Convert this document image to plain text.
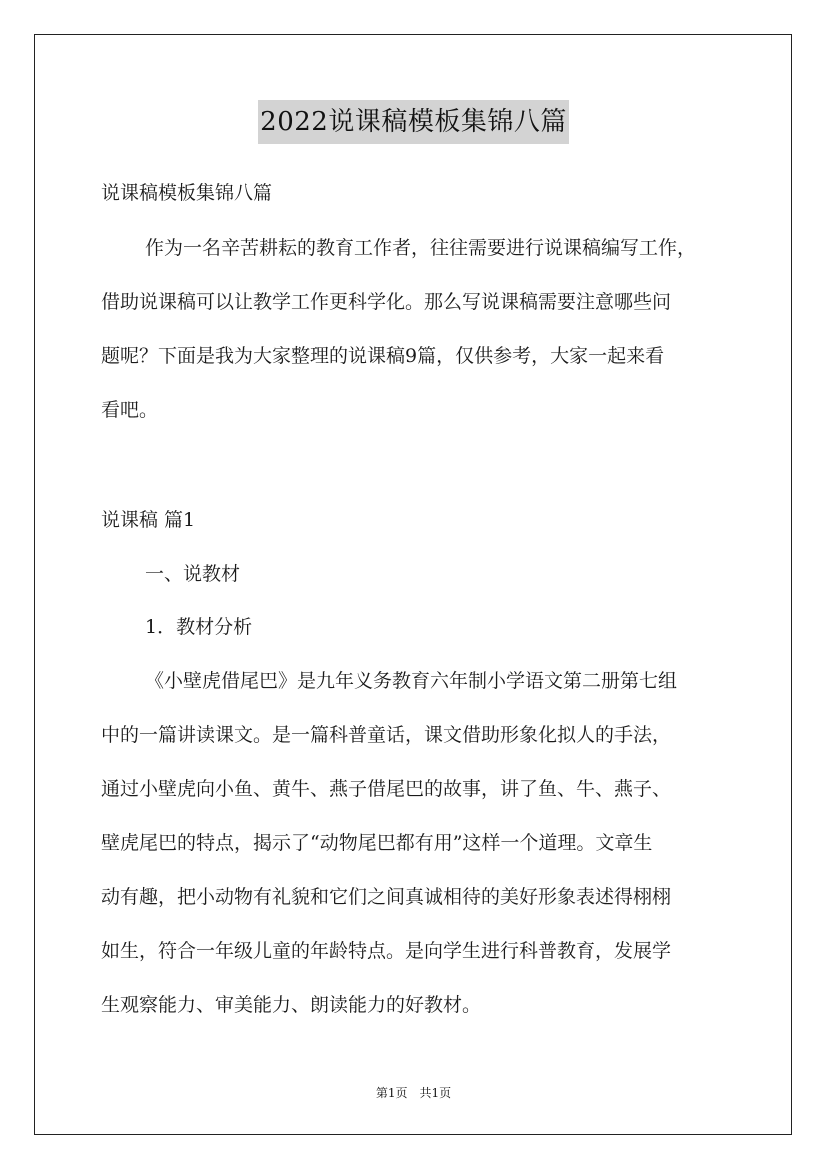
2022说课稿模板集锦八篇
说课稿模板集锦八篇
作为一名辛苦耕耘的教育工作者，往往需要进行说课稿编写工作，
借助说课稿可以让教学工作更科学化。那么写说课稿需要注意哪些问
题呢？下面是我为大家整理的说课稿9篇，仅供参考，大家一起来看
看吧。
说课稿 篇1
一、说教材
1．教材分析
《小壁虎借尾巴》是九年义务教育六年制小学语文第二册第七组
中的一篇讲读课文。是一篇科普童话，课文借助形象化拟人的手法，
通过小壁虎向小鱼、黄牛、燕子借尾巴的故事，讲了鱼、牛、燕子、
壁虎尾巴的特点，揭示了“动物尾巴都有用”这样一个道理。文章生
动有趣，把小动物有礼貌和它们之间真诚相待的美好形象表述得栩栩
如生，符合一年级儿童的年龄特点。是向学生进行科普教育，发展学
生观察能力、审美能力、朗读能力的好教材。
第1页　共1页
